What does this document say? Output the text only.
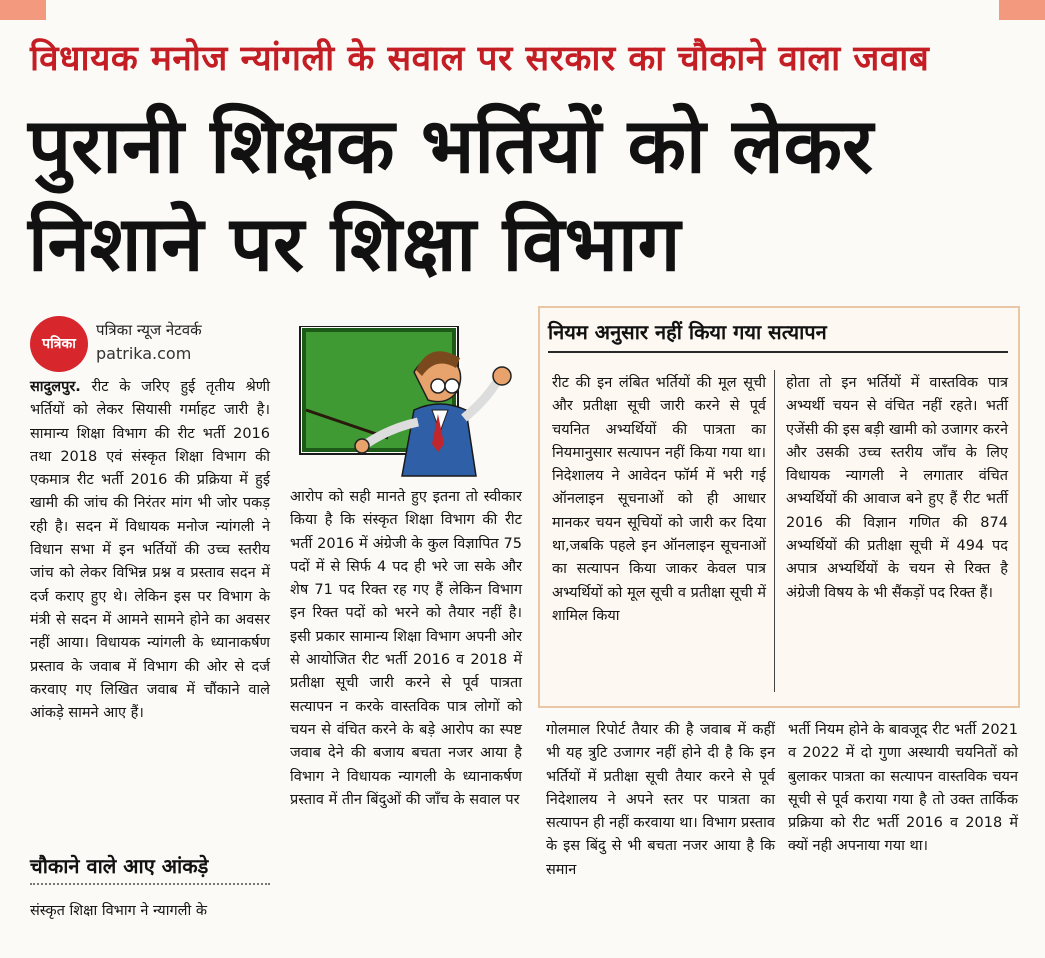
विधायक मनोज न्यांगली के सवाल पर सरकार का चौकाने वाला जवाब
पुरानी शिक्षक भर्तियों को लेकर
निशाने पर शिक्षा विभाग
पत्रिका
पत्रिका न्यूज नेटवर्क
patrika.com
सादुलपुर. रीट के जरिए हुई तृतीय श्रेणी भर्तियों को लेकर सियासी गर्माहट जारी है। सामान्य शिक्षा विभाग की रीट भर्ती 2016 तथा 2018 एवं संस्कृत शिक्षा विभाग की एकमात्र रीट भर्ती 2016 की प्रक्रिया में हुई खामी की जांच की निरंतर मांग भी जोर पकड़ रही है। सदन में विधायक मनोज न्यांगली ने विधान सभा में इन भर्तियों की उच्च स्तरीय जांच को लेकर विभिन्न प्रश्न व प्रस्ताव सदन में दर्ज कराए हुए थे। लेकिन इस पर विभाग के मंत्री से सदन में आमने सामने होने का अवसर नहीं आया। विधायक न्यांगली के ध्यानाकर्षण प्रस्ताव के जवाब में विभाग की ओर से दर्ज करवाए गए लिखित जवाब में चौंकाने वाले आंकड़े सामने आए हैं।
चौकाने वाले आए आंकड़े
संस्कृत शिक्षा विभाग ने न्यागली के
आरोप को सही मानते हुए इतना तो स्वीकार किया है कि संस्कृत शिक्षा विभाग की रीट भर्ती 2016 में अंग्रेजी के कुल विज्ञापित 75 पदों में से सिर्फ 4 पद ही भरे जा सके और शेष 71 पद रिक्त रह गए हैं लेकिन विभाग इन रिक्त पदों को भरने को तैयार नहीं है। इसी प्रकार सामान्य शिक्षा विभाग अपनी ओर से आयोजित रीट भर्ती 2016 व 2018 में प्रतीक्षा सूची जारी करने से पूर्व पात्रता सत्यापन न करके वास्तविक पात्र लोगों को चयन से वंचित करने के बड़े आरोप का स्पष्ट जवाब देने की बजाय बचता नजर आया है विभाग ने विधायक न्यागली के ध्यानाकर्षण प्रस्ताव में तीन बिंदुओं की जाँच के सवाल पर
नियम अनुसार नहीं किया गया सत्यापन
रीट की इन लंबित भर्तियों की मूल सूची और प्रतीक्षा सूची जारी करने से पूर्व चयनित अभ्यर्थियों की पात्रता का नियमानुसार सत्यापन नहीं किया गया था। निदेशालय ने आवेदन फॉर्म में भरी गई ऑनलाइन सूचनाओं को ही आधार मानकर चयन सूचियों को जारी कर दिया था,जबकि पहले इन ऑनलाइन सूचनाओं का सत्यापन किया जाकर केवल पात्र अभ्यर्थियों को मूल सूची व प्रतीक्षा सूची में शामिल किया
होता तो इन भर्तियों में वास्तविक पात्र अभ्यर्थी चयन से वंचित नहीं रहते। भर्ती एजेंसी की इस बड़ी खामी को उजागर करने और उसकी उच्च स्तरीय जाँच के लिए विधायक न्यागली ने लगातार वंचित अभ्यर्थियों की आवाज बने हुए हैं रीट भर्ती 2016 की विज्ञान गणित की 874 अभ्यर्थियों की प्रतीक्षा सूची में 494 पद अपात्र अभ्यर्थियों के चयन से रिक्त है अंग्रेजी विषय के भी सैंकड़ों पद रिक्त हैं।
गोलमाल रिपोर्ट तैयार की है जवाब में कहीं भी यह त्रुटि उजागर नहीं होने दी है कि इन भर्तियों में प्रतीक्षा सूची तैयार करने से पूर्व निदेशालय ने अपने स्तर पर पात्रता का सत्यापन ही नहीं करवाया था। विभाग प्रस्ताव के इस बिंदु से भी बचता नजर आया है कि समान
भर्ती नियम होने के बावजूद रीट भर्ती 2021 व 2022 में दो गुणा अस्थायी चयनितों को बुलाकर पात्रता का सत्यापन वास्तविक चयन सूची से पूर्व कराया गया है तो उक्त तार्किक प्रक्रिया को रीट भर्ती 2016 व 2018 में क्यों नही अपनाया गया था।
